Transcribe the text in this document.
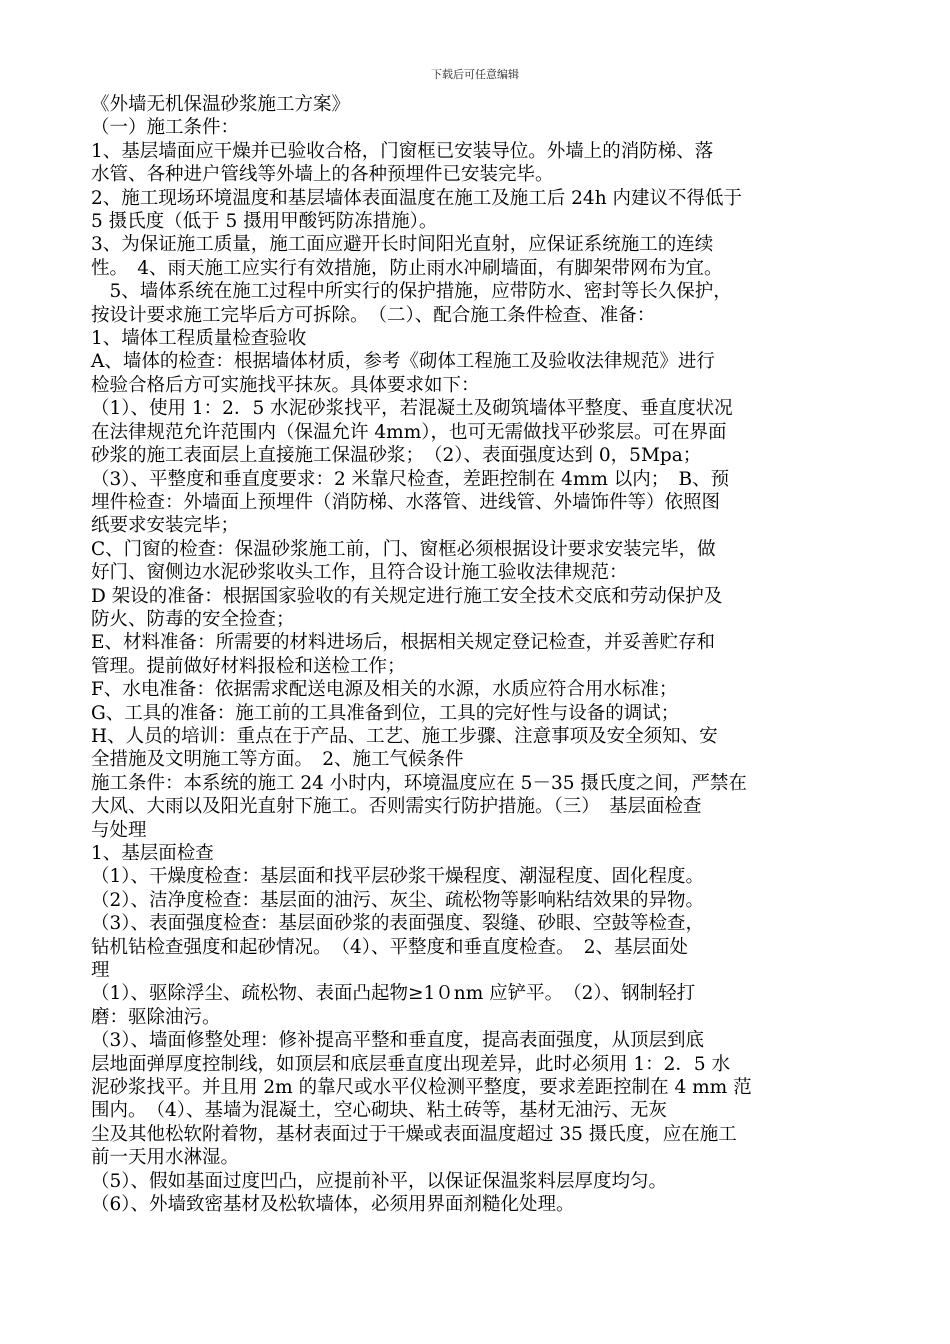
下载后可任意编辑

《外墙无机保温砂浆施工方案》

（一）施工条件：

1、基层墙面应干燥并已验收合格，门窗框已安装导位。外墙上的消防梯、落

水管、各种进户管线等外墙上的各种预埋件已安装完毕。

2、施工现场环境温度和基层墙体表面温度在施工及施工后 24h 内建议不得低于

5 摄氏度（低于 5 摄用甲酸钙防冻措施）。

3、为保证施工质量，施工面应避开长时间阳光直射，应保证系统施工的连续

性。　4、雨天施工应实行有效措施，防止雨水冲刷墙面，有脚架带网布为宜。

　5、墙体系统在施工过程中所实行的保护措施，应带防水、密封等长久保护，

按设计要求施工完毕后方可拆除。　（二）、配合施工条件检查、准备：

1、墙体工程质量检查验收

A、墙体的检查：根据墙体材质，参考《砌体工程施工及验收法律规范》进行

检验合格后方可实施找平抹灰。具体要求如下：

（1）、使用 1：2．5 水泥砂浆找平，若混凝土及砌筑墙体平整度、垂直度状况

在法律规范允许范围内（保温允许 4mm），也可无需做找平砂浆层。可在界面

砂浆的施工表面层上直接施工保温砂浆；　（2）、表面强度达到 0，5Mpa；

（3）、平整度和垂直度要求：2 米靠尺检查，差距控制在 4mm 以内；　B、预

埋件检查：外墙面上预埋件（消防梯、水落管、进线管、外墙饰件等）依照图

纸要求安装完毕；

C、门窗的检查：保温砂浆施工前，门、窗框必须根据设计要求安装完毕，做

好门、窗侧边水泥砂浆收头工作，且符合设计施工验收法律规范：

D 架设的准备：根据国家验收的有关规定进行施工安全技术交底和劳动保护及

防火、防毒的安全捡查；

E、材料准备：所需要的材料进场后，根据相关规定登记检查，并妥善贮存和

管理。提前做好材料报检和送检工作；

F、水电准备：依据需求配送电源及相关的水源，水质应符合用水标准；

G、工具的准备：施工前的工具准备到位，工具的完好性与设备的调试；

H、人员的培训：重点在于产品、工艺、施工步骤、注意事项及安全须知、安

全措施及文明施工等方面。　2、施工气候条件

施工条件：本系统的施工 24 小时内，环境温度应在 5－35 摄氏度之间，严禁在

大风、大雨以及阳光直射下施工。否则需实行防护措施。（三）　基层面检查

与处理

1、基层面检查

（1）、干燥度检查：基层面和找平层砂浆干燥程度、潮湿程度、固化程度。

（2）、洁净度检查：基层面的油污、灰尘、疏松物等影响粘结效果的异物。

（3）、表面强度检查：基层面砂浆的表面强度、裂缝、砂眼、空鼓等检查，

钻机钻检查强度和起砂情况。　（4）、平整度和垂直度检查。　2、基层面处

理

（1）、驱除浮尘、疏松物、表面凸起物≥1０nm 应铲平。　（2）、钢制轻打

磨：驱除油污。

（3）、墙面修整处理：修补提高平整和垂直度，提高表面强度，从顶层到底

层地面弹厚度控制线，如顶层和底层垂直度出现差异，此时必须用 1：2．5 水

泥砂浆找平。并且用 2m 的靠尺或水平仪检测平整度，要求差距控制在 4 mm 范

围内。　（4）、基墙为混凝土，空心砌块、粘土砖等，基材无油污、无灰

尘及其他松软附着物，基材表面过于干燥或表面温度超过 35 摄氏度，应在施工

前一天用水淋湿。

（5）、假如基面过度凹凸，应提前补平，以保证保温浆料层厚度均匀。

（6）、外墙致密基材及松软墙体，必须用界面剂糙化处理。
